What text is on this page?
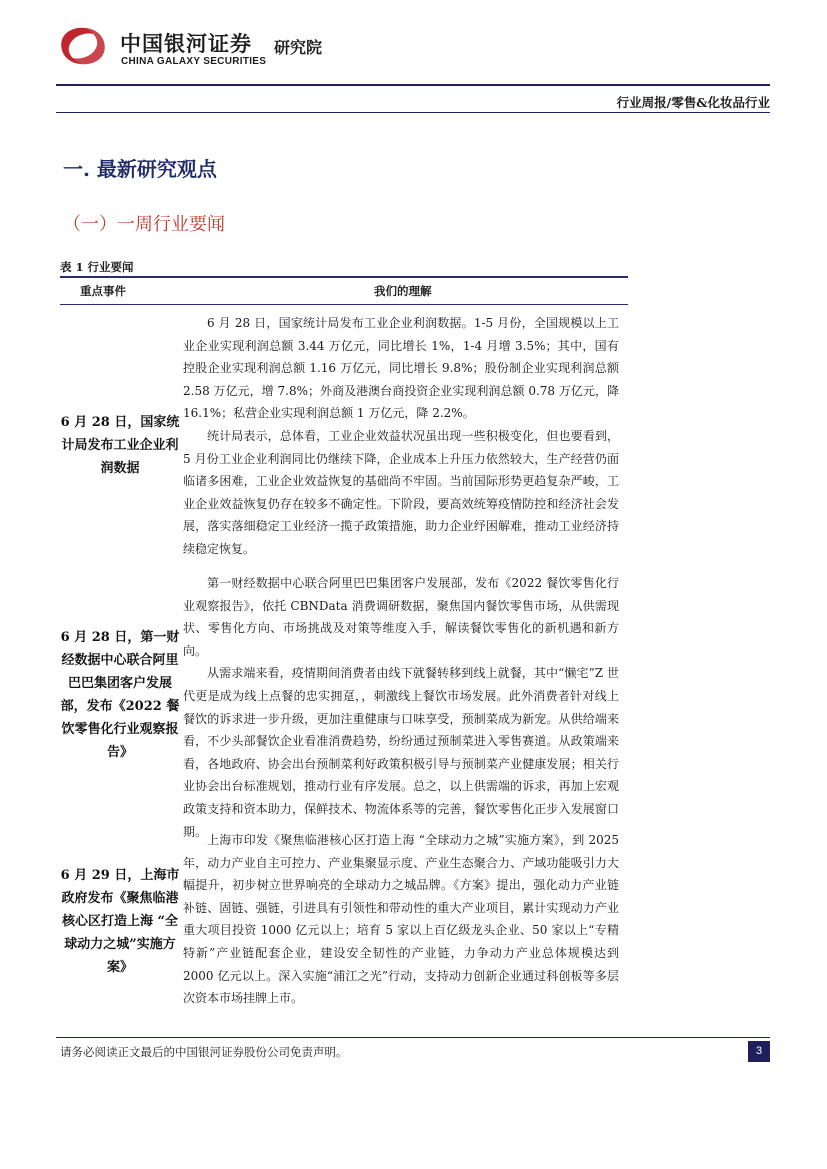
中国银河证券
CHINA GALAXY SECURITIES
研究院
行业周报/零售&化妆品行业
一. 最新研究观点
（一）一周行业要闻
表 1 行业要闻
重点事件	我们的理解
6 月 28 日，国家统计局发布工业企业利润数据

6 月 28 日，国家统计局发布工业企业利润数据。1-5 月份，全国规模以上工业企业实现利润总额 3.44 万亿元，同比增长 1%，1-4 月增 3.5%；其中，国有控股企业实现利润总额 1.16 万亿元，同比增长 9.8%；股份制企业实现利润总额 2.58 万亿元，增 7.8%；外商及港澳台商投资企业实现利润总额 0.78 万亿元，降 16.1%；私营企业实现利润总额 1 万亿元，降 2.2%。

统计局表示，总体看，工业企业效益状况虽出现一些积极变化，但也要看到，5 月份工业企业利润同比仍继续下降，企业成本上升压力依然较大，生产经营仍面临诸多困难，工业企业效益恢复的基础尚不牢固。当前国际形势更趋复杂严峻，工业企业效益恢复仍存在较多不确定性。下阶段，要高效统筹疫情防控和经济社会发展，落实落细稳定工业经济一揽子政策措施，助力企业纾困解难，推动工业经济持续稳定恢复。

6 月 28 日，第一财经数据中心联合阿里巴巴集团客户发展部，发布《2022 餐饮零售化行业观察报告》

第一财经数据中心联合阿里巴巴集团客户发展部，发布《2022 餐饮零售化行业观察报告》，依托 CBNData 消费调研数据，聚焦国内餐饮零售市场，从供需现状、零售化方向、市场挑战及对策等维度入手，解读餐饮零售化的新机遇和新方向。

从需求端来看，疫情期间消费者由线下就餐转移到线上就餐，其中“懒宅”Z 世代更是成为线上点餐的忠实拥趸，，刺激线上餐饮市场发展。此外消费者针对线上餐饮的诉求进一步升级，更加注重健康与口味享受，预制菜成为新宠。从供给端来看，不少头部餐饮企业看准消费趋势，纷纷通过预制菜进入零售赛道。从政策端来看，各地政府、协会出台预制菜利好政策积极引导与预制菜产业健康发展；相关行业协会出台标准规划，推动行业有序发展。总之，以上供需端的诉求，再加上宏观政策支持和资本助力，保鲜技术、物流体系等的完善，餐饮零售化正步入发展窗口期。

6 月 29 日，上海市政府发布《聚焦临港核心区打造上海 “全球动力之城”实施方案》

上海市印发《聚焦临港核心区打造上海 “全球动力之城”实施方案》，到 2025 年，动力产业自主可控力、产业集聚显示度、产业生态聚合力、产域功能吸引力大幅提升，初步树立世界响亮的全球动力之城品牌。《方案》提出，强化动力产业链补链、固链、强链，引进具有引领性和带动性的重大产业项目，累计实现动力产业重大项目投资 1000 亿元以上；培育 5 家以上百亿级龙头企业、50 家以上“专精特新”产业链配套企业，建设安全韧性的产业链，力争动力产业总体规模达到 2000 亿元以上。深入实施“浦江之光”行动，支持动力创新企业通过科创板等多层次资本市场挂牌上市。

请务必阅读正文最后的中国银河证券股份公司免责声明。	3
